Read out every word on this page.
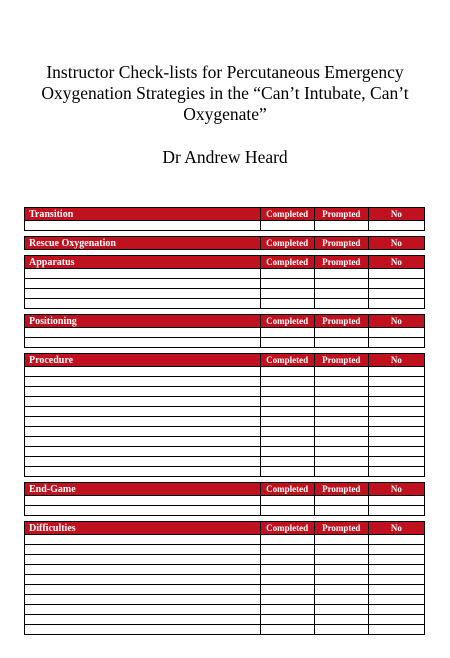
Instructor Check-lists for Percutaneous Emergency Oxygenation Strategies in the “Can’t Intubate, Can’t Oxygenate”
Dr Andrew Heard
Transition	Completed	Prompted	No

Rescue Oxygenation	Completed	Prompted	No
Apparatus	Completed	Prompted	No

Positioning	Completed	Prompted	No

Procedure	Completed	Prompted	No

End-Game	Completed	Prompted	No

Difficulties	Completed	Prompted	No
